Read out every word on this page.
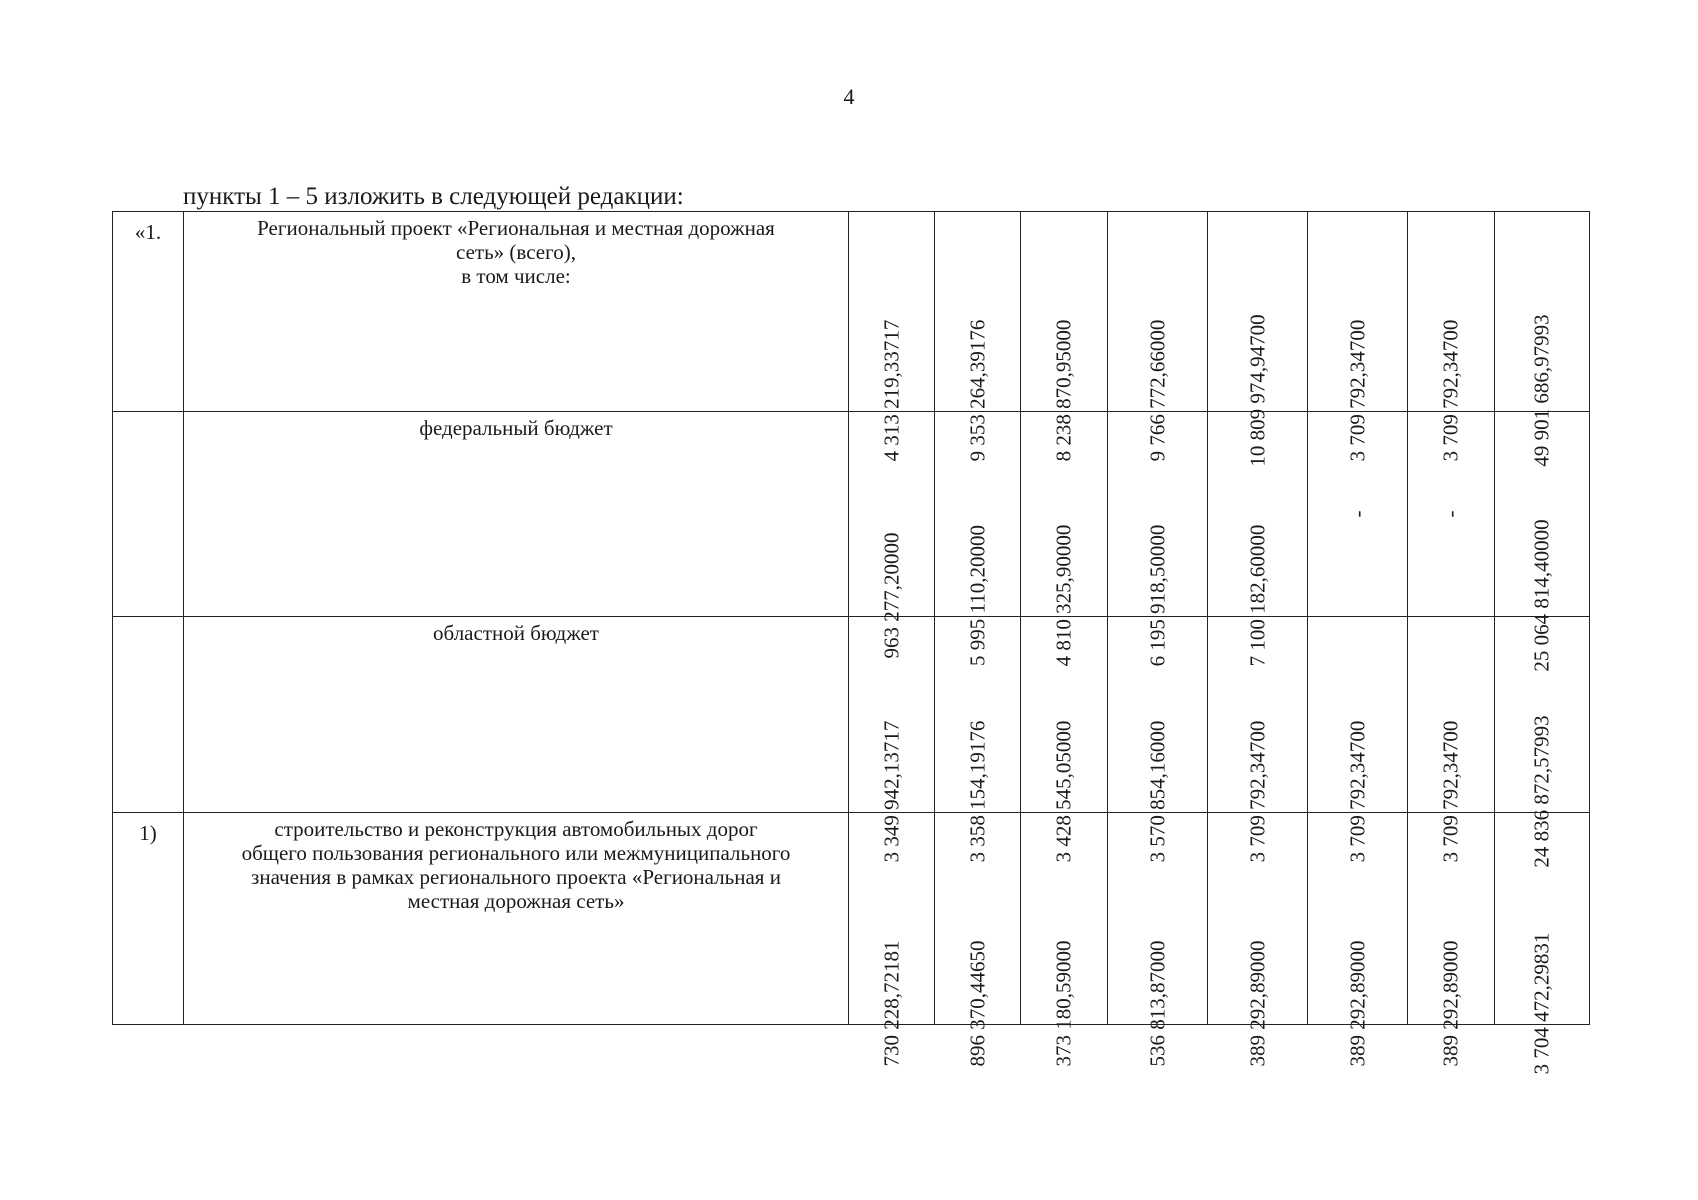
4
пункты 1 – 5 изложить в следующей редакции:
«1.	Региональный проект «Региональная и местная дорожная
сеть» (всего),
в том числе:	4 313 219,33717	9 353 264,39176	8 238 870,95000	9 766 772,66000	10 809 974,94700	3 709 792,34700	3 709 792,34700	49 901 686,97993

	федеральный бюджет	963 277,20000	5 995 110,20000	4 810 325,90000	6 195 918,50000	7 100 182,60000	-	-	25 064 814,40000

	областной бюджет	3 349 942,13717	3 358 154,19176	3 428 545,05000	3 570 854,16000	3 709 792,34700	3 709 792,34700	3 709 792,34700	24 836 872,57993

1)	строительство и реконструкция автомобильных дорог
общего пользования регионального или межмуниципального
значения в рамках регионального проекта «Региональная и
местная дорожная сеть»	730 228,72181	896 370,44650	373 180,59000	536 813,87000	389 292,89000	389 292,89000	389 292,89000	3 704 472,29831
